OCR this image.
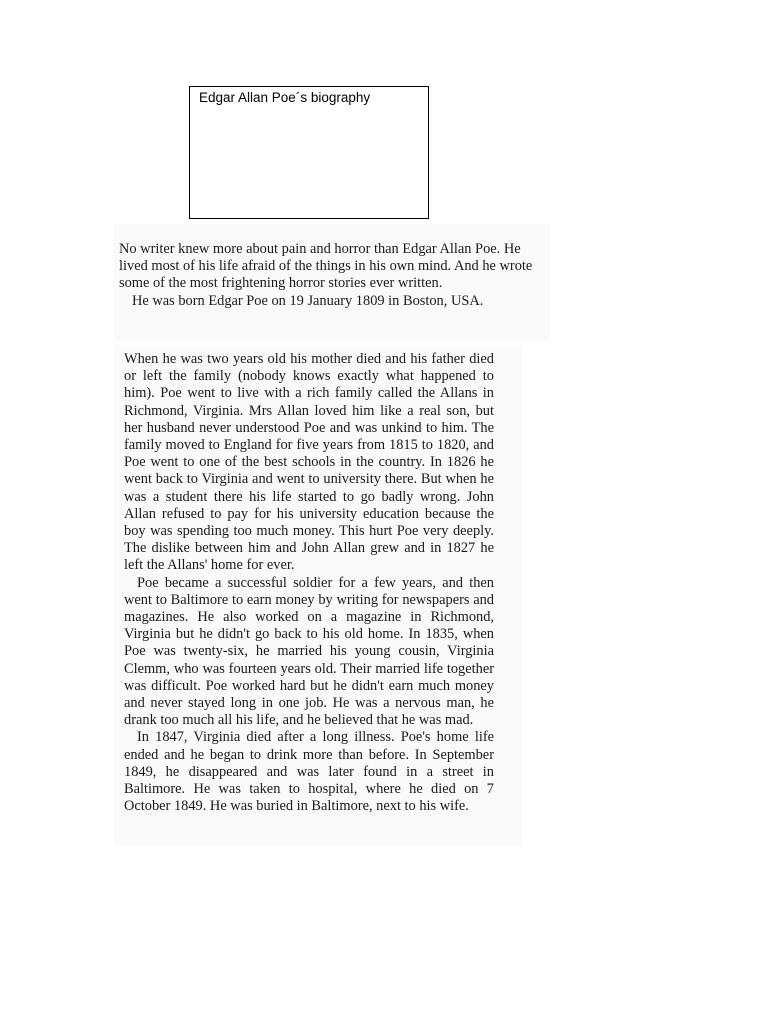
Edgar Allan Poe´s biography

No writer knew more about pain and horror than Edgar Allan Poe. He lived most of his life afraid of the things in his own mind. And he wrote some of the most frightening horror stories ever written.

He was born Edgar Poe on 19 January 1809 in Boston, USA.

When he was two years old his mother died and his father died or left the family (nobody knows exactly what happened to him). Poe went to live with a rich family called the Allans in Richmond, Virginia. Mrs Allan loved him like a real son, but her husband never understood Poe and was unkind to him. The family moved to England for five years from 1815 to 1820, and Poe went to one of the best schools in the country. In 1826 he went back to Virginia and went to university there. But when he was a student there his life started to go badly wrong. John Allan refused to pay for his university education because the boy was spending too much money. This hurt Poe very deeply. The dislike between him and John Allan grew and in 1827 he left the Allans' home for ever.

Poe became a successful soldier for a few years, and then went to Baltimore to earn money by writing for newspapers and magazines. He also worked on a magazine in Richmond, Virginia but he didn't go back to his old home. In 1835, when Poe was twenty-six, he married his young cousin, Virginia Clemm, who was fourteen years old. Their married life together was difficult. Poe worked hard but he didn't earn much money and never stayed long in one job. He was a nervous man, he drank too much all his life, and he believed that he was mad.

In 1847, Virginia died after a long illness. Poe's home life ended and he began to drink more than before. In September 1849, he disappeared and was later found in a street in Baltimore. He was taken to hospital, where he died on 7 October 1849. He was buried in Baltimore, next to his wife.
